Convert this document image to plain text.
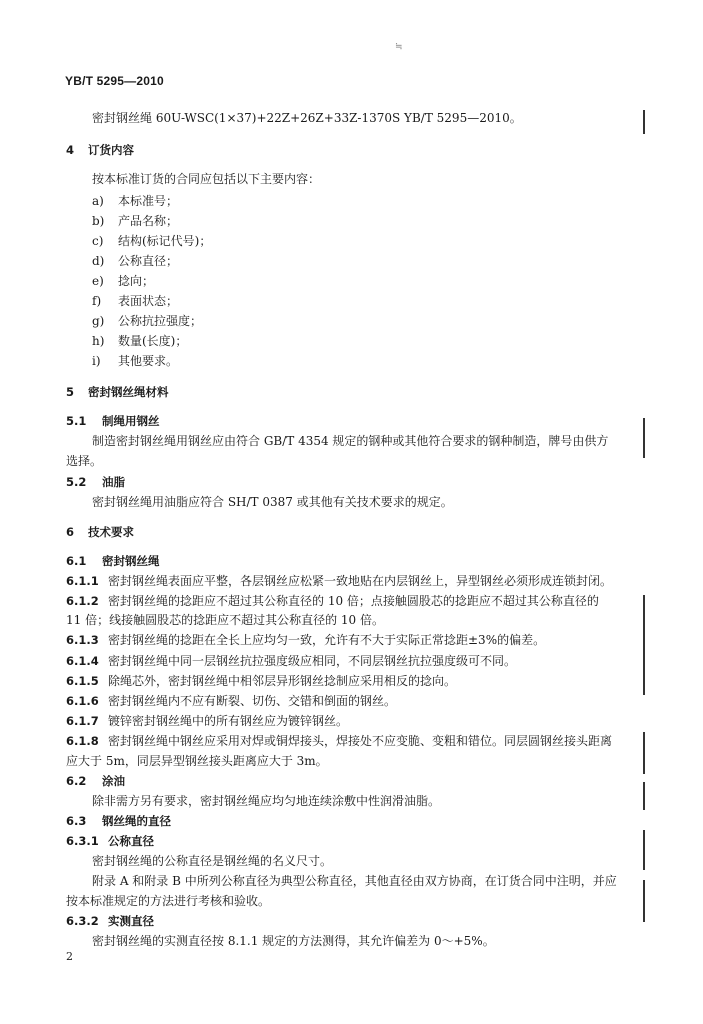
YB/T 5295—2010
≒
密封钢丝绳 60U-WSC(1×37)+22Z+26Z+33Z-1370S YB/T 5295—2010。
4 订货内容
按本标准订货的合同应包括以下主要内容：
a) 本标准号；
b) 产品名称；
c) 结构(标记代号)；
d) 公称直径；
e) 捻向；
f) 表面状态；
g) 公称抗拉强度；
h) 数量(长度)；
i) 其他要求。
5 密封钢丝绳材料
5.1 制绳用钢丝
制造密封钢丝绳用钢丝应由符合 GB/T 4354 规定的钢种或其他符合要求的钢种制造，牌号由供方
选择。
5.2 油脂
密封钢丝绳用油脂应符合 SH/T 0387 或其他有关技术要求的规定。
6 技术要求
6.1 密封钢丝绳
6.1.1 密封钢丝绳表面应平整，各层钢丝应松紧一致地贴在内层钢丝上，异型钢丝必须形成连锁封闭。
6.1.2 密封钢丝绳的捻距应不超过其公称直径的 10 倍；点接触圆股芯的捻距应不超过其公称直径的
11 倍；线接触圆股芯的捻距应不超过其公称直径的 10 倍。
6.1.3 密封钢丝绳的捻距在全长上应均匀一致，允许有不大于实际正常捻距±3%的偏差。
6.1.4 密封钢丝绳中同一层钢丝抗拉强度级应相同，不同层钢丝抗拉强度级可不同。
6.1.5 除绳芯外，密封钢丝绳中相邻层异形钢丝捻制应采用相反的捻向。
6.1.6 密封钢丝绳内不应有断裂、切伤、交错和倒面的钢丝。
6.1.7 镀锌密封钢丝绳中的所有钢丝应为镀锌钢丝。
6.1.8 密封钢丝绳中钢丝应采用对焊或铜焊接头，焊接处不应变脆、变粗和错位。同层圆钢丝接头距离
应大于 5m，同层异型钢丝接头距离应大于 3m。
6.2 涂油
除非需方另有要求，密封钢丝绳应均匀地连续涂敷中性润滑油脂。
6.3 钢丝绳的直径
6.3.1 公称直径
密封钢丝绳的公称直径是钢丝绳的名义尺寸。
附录 A 和附录 B 中所列公称直径为典型公称直径，其他直径由双方协商，在订货合同中注明，并应
按本标准规定的方法进行考核和验收。
6.3.2 实测直径
密封钢丝绳的实测直径按 8.1.1 规定的方法测得，其允许偏差为 0～+5%。
2
